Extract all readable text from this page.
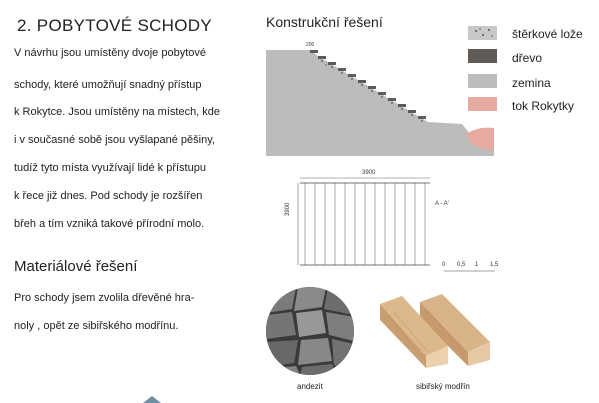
2. POBYTOVÉ SCHODY
V návrhu jsou umístěny dvoje pobytové
schody, které umožňují snadný přístup
k Rokytce. Jsou umístěny na místech, kde
i v současné sobě jsou vyšlapané pěšiny,
tudíž tyto místa využívají lidé k přístupu
k řece již dnes. Pod schody je rozšířen
břeh a tím vzniká takové přírodní molo.
Materiálové řešení
Pro schody jsem zvolila dřevěné hra-
noly , opět ze sibiřského modřínu.
Konstrukční řešení
štěrkové lože
dřevo
zemina
tok Rokytky
200
3900
3900	A - A'
0 0,5 1 1,5
andezit	sibiřský modřín
